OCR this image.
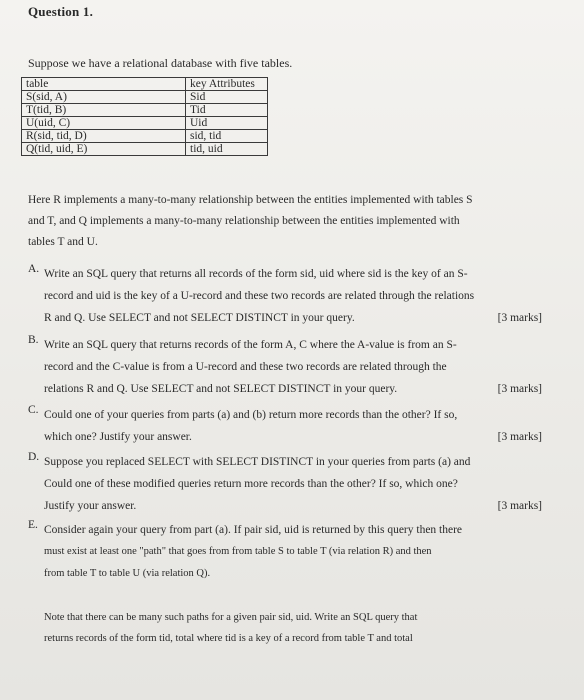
Question 1.
Suppose we have a relational database with five tables.
table	key Attributes
S(sid, A)	Sid
T(tid, B)	Tid
U(uid, C)	Uid
R(sid, tid, D)	sid, tid
Q(tid, uid, E)	tid, uid
Here R implements a many-to-many relationship between the entities implemented with tables S
and T, and Q implements a many-to-many relationship between the entities implemented with
tables T and U.
A. Write an SQL query that returns all records of the form sid, uid where sid is the key of an S-
record and uid is the key of a U-record and these two records are related through the relations
R and Q. Use SELECT and not SELECT DISTINCT in your query.	[3 marks]
B. Write an SQL query that returns records of the form A, C where the A-value is from an S-
record and the C-value is from a U-record and these two records are related through the
relations R and Q. Use SELECT and not SELECT DISTINCT in your query.	[3 marks]
C. Could one of your queries from parts (a) and (b) return more records than the other? If so,
which one? Justify your answer.	[3 marks]
D. Suppose you replaced SELECT with SELECT DISTINCT in your queries from parts (a) and
Could one of these modified queries return more records than the other? If so, which one?
Justify your answer.	[3 marks]
E. Consider again your query from part (a). If pair sid, uid is returned by this query then there
must exist at least one "path" that goes from from table S to table T (via relation R) and then
from table T to table U (via relation Q).
Note that there can be many such paths for a given pair sid, uid. Write an SQL query that
returns records of the form tid, total where tid is a key of a record from table T and total
